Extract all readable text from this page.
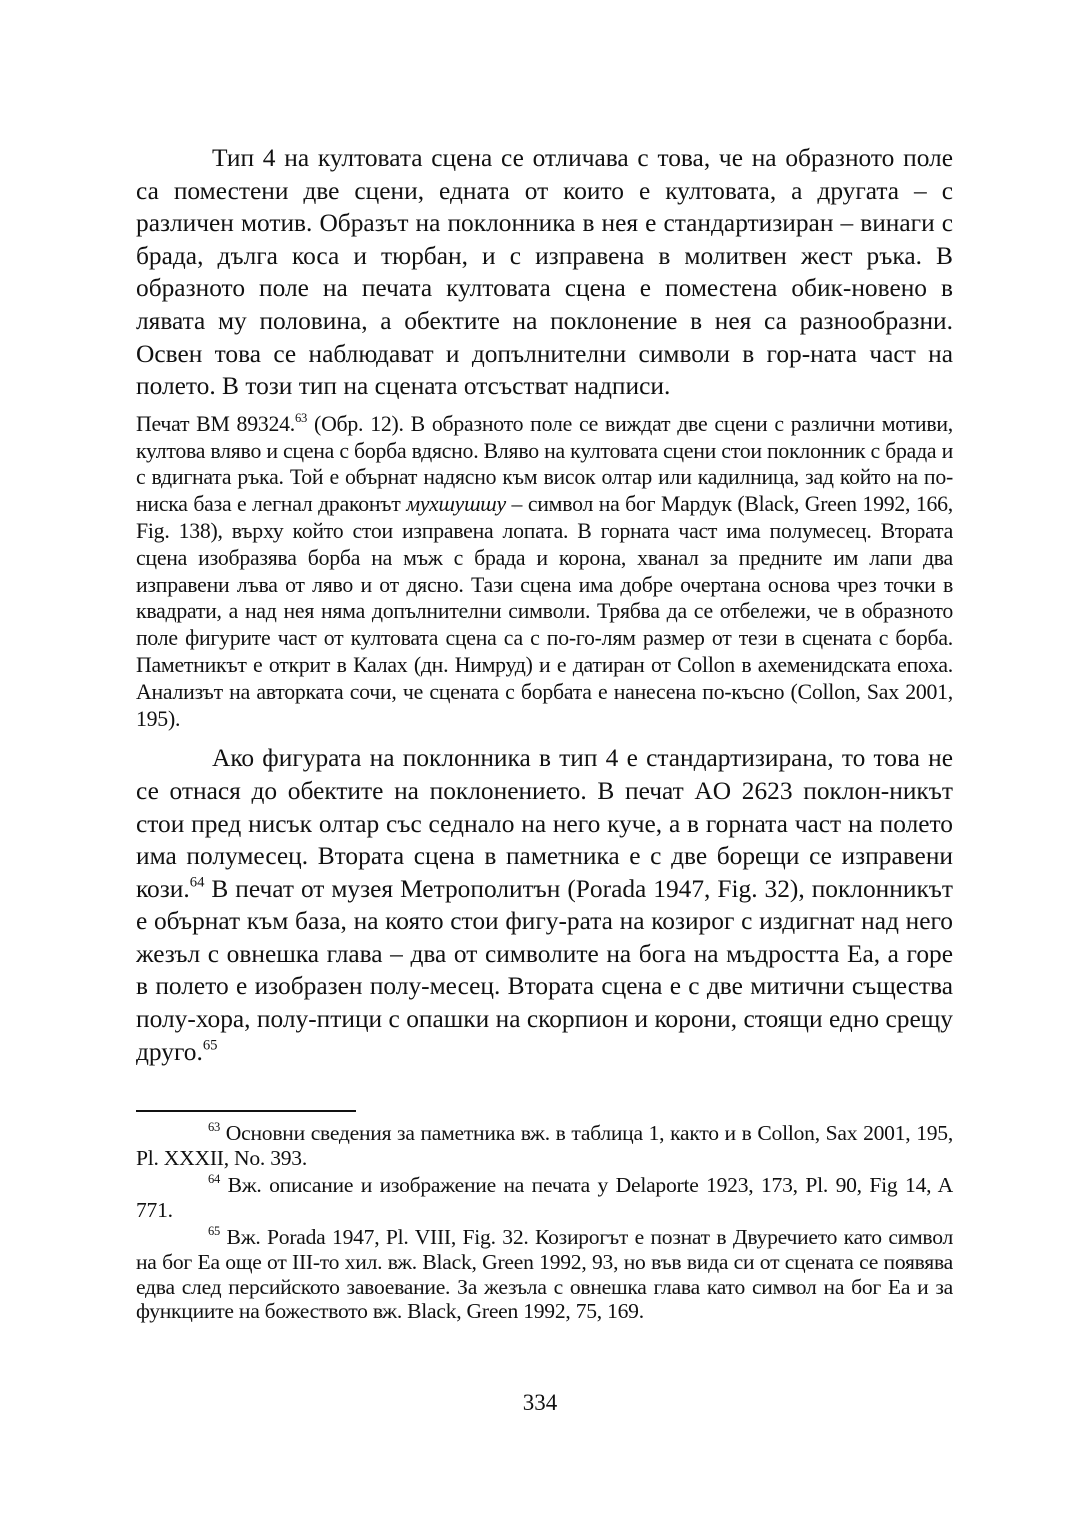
Тип 4 на култовата сцена се отличава с това, че на образното поле са поместени две сцени, едната от които е култовата, а другата – с различен мотив. Образът на поклонника в нея е стандартизиран – винаги с брада, дълга коса и тюрбан, и с изправена в молитвен жест ръка. В образното поле на печата култовата сцена е поместена обик-новено в лявата му половина, а обектите на поклонение в нея са разнообразни. Освен това се наблюдават и допълнителни символи в гор-ната част на полето. В този тип на сцената отсъстват надписи.

Печат BM 89324.63 (Обр. 12). В образното поле се виждат две сцени с различни мотиви, култова вляво и сцена с борба вдясно. Вляво на култовата сцени стои поклонник с брада и с вдигната ръка. Той е обърнат надясно към висок олтар или кадилница, зад който на по-ниска база е легнал драконът мухшушшу – символ на бог Мардук (Black, Green 1992, 166, Fig. 138), върху който стои изправена лопата. В горната част има полумесец. Втората сцена изобразява борба на мъж с брада и корона, хванал за предните им лапи два изправени лъва от ляво и от дясно. Тази сцена има добре очертана основа чрез точки в квадрати, а над нея няма допълнителни символи. Трябва да се отбележи, че в образното поле фигурите част от култовата сцена са с по-го-лям размер от тези в сцената с борба. Паметникът е открит в Калах (дн. Нимруд) и е датиран от Collon в ахеменидската епоха. Анализът на авторката сочи, че сцената с борбата е нанесена по-късно (Collon, Sax 2001, 195).

Ако фигурата на поклонника в тип 4 е стандартизирана, то това не се отнася до обектите на поклонението. В печат AO 2623 поклон-никът стои пред нисък олтар със седнало на него куче, а в горната част на полето има полумесец. Втората сцена в паметника е с две борещи се изправени кози.$^{64}$ В печат от музея Метрополитън (Porada 1947, Fig. 32), поклонникът е обърнат към база, на която стои фигу-рата на козирог с издигнат над него жезъл с овнешка глава – два от символите на бога на мъдростта Еа, а горе в полето е изобразен полу-месец. Втората сцена е с две митични същества полу-хора, полу-птици с опашки на скорпион и корони, стоящи едно срещу друго.$^{65}$

$^{63}$ Основни сведения за паметника вж. в таблица 1, както и в Collon, Sax 2001, 195, Pl. XXXII, No. 393.

$^{64}$ Вж. описание и изображение на печата у Delaporte 1923, 173, Pl. 90, Fig 14, A 771.

$^{65}$ Вж. Porada 1947, Pl. VIII, Fig. 32. Козирогът е познат в Двуречието като символ на бог Еа още от III-то хил. вж. Black, Green 1992, 93, но във вида си от сцената се появява едва след персийското завоевание. За жезъла с овнешка глава като символ на бог Еа и за функциите на божеството вж. Black, Green 1992, 75, 169.

334
